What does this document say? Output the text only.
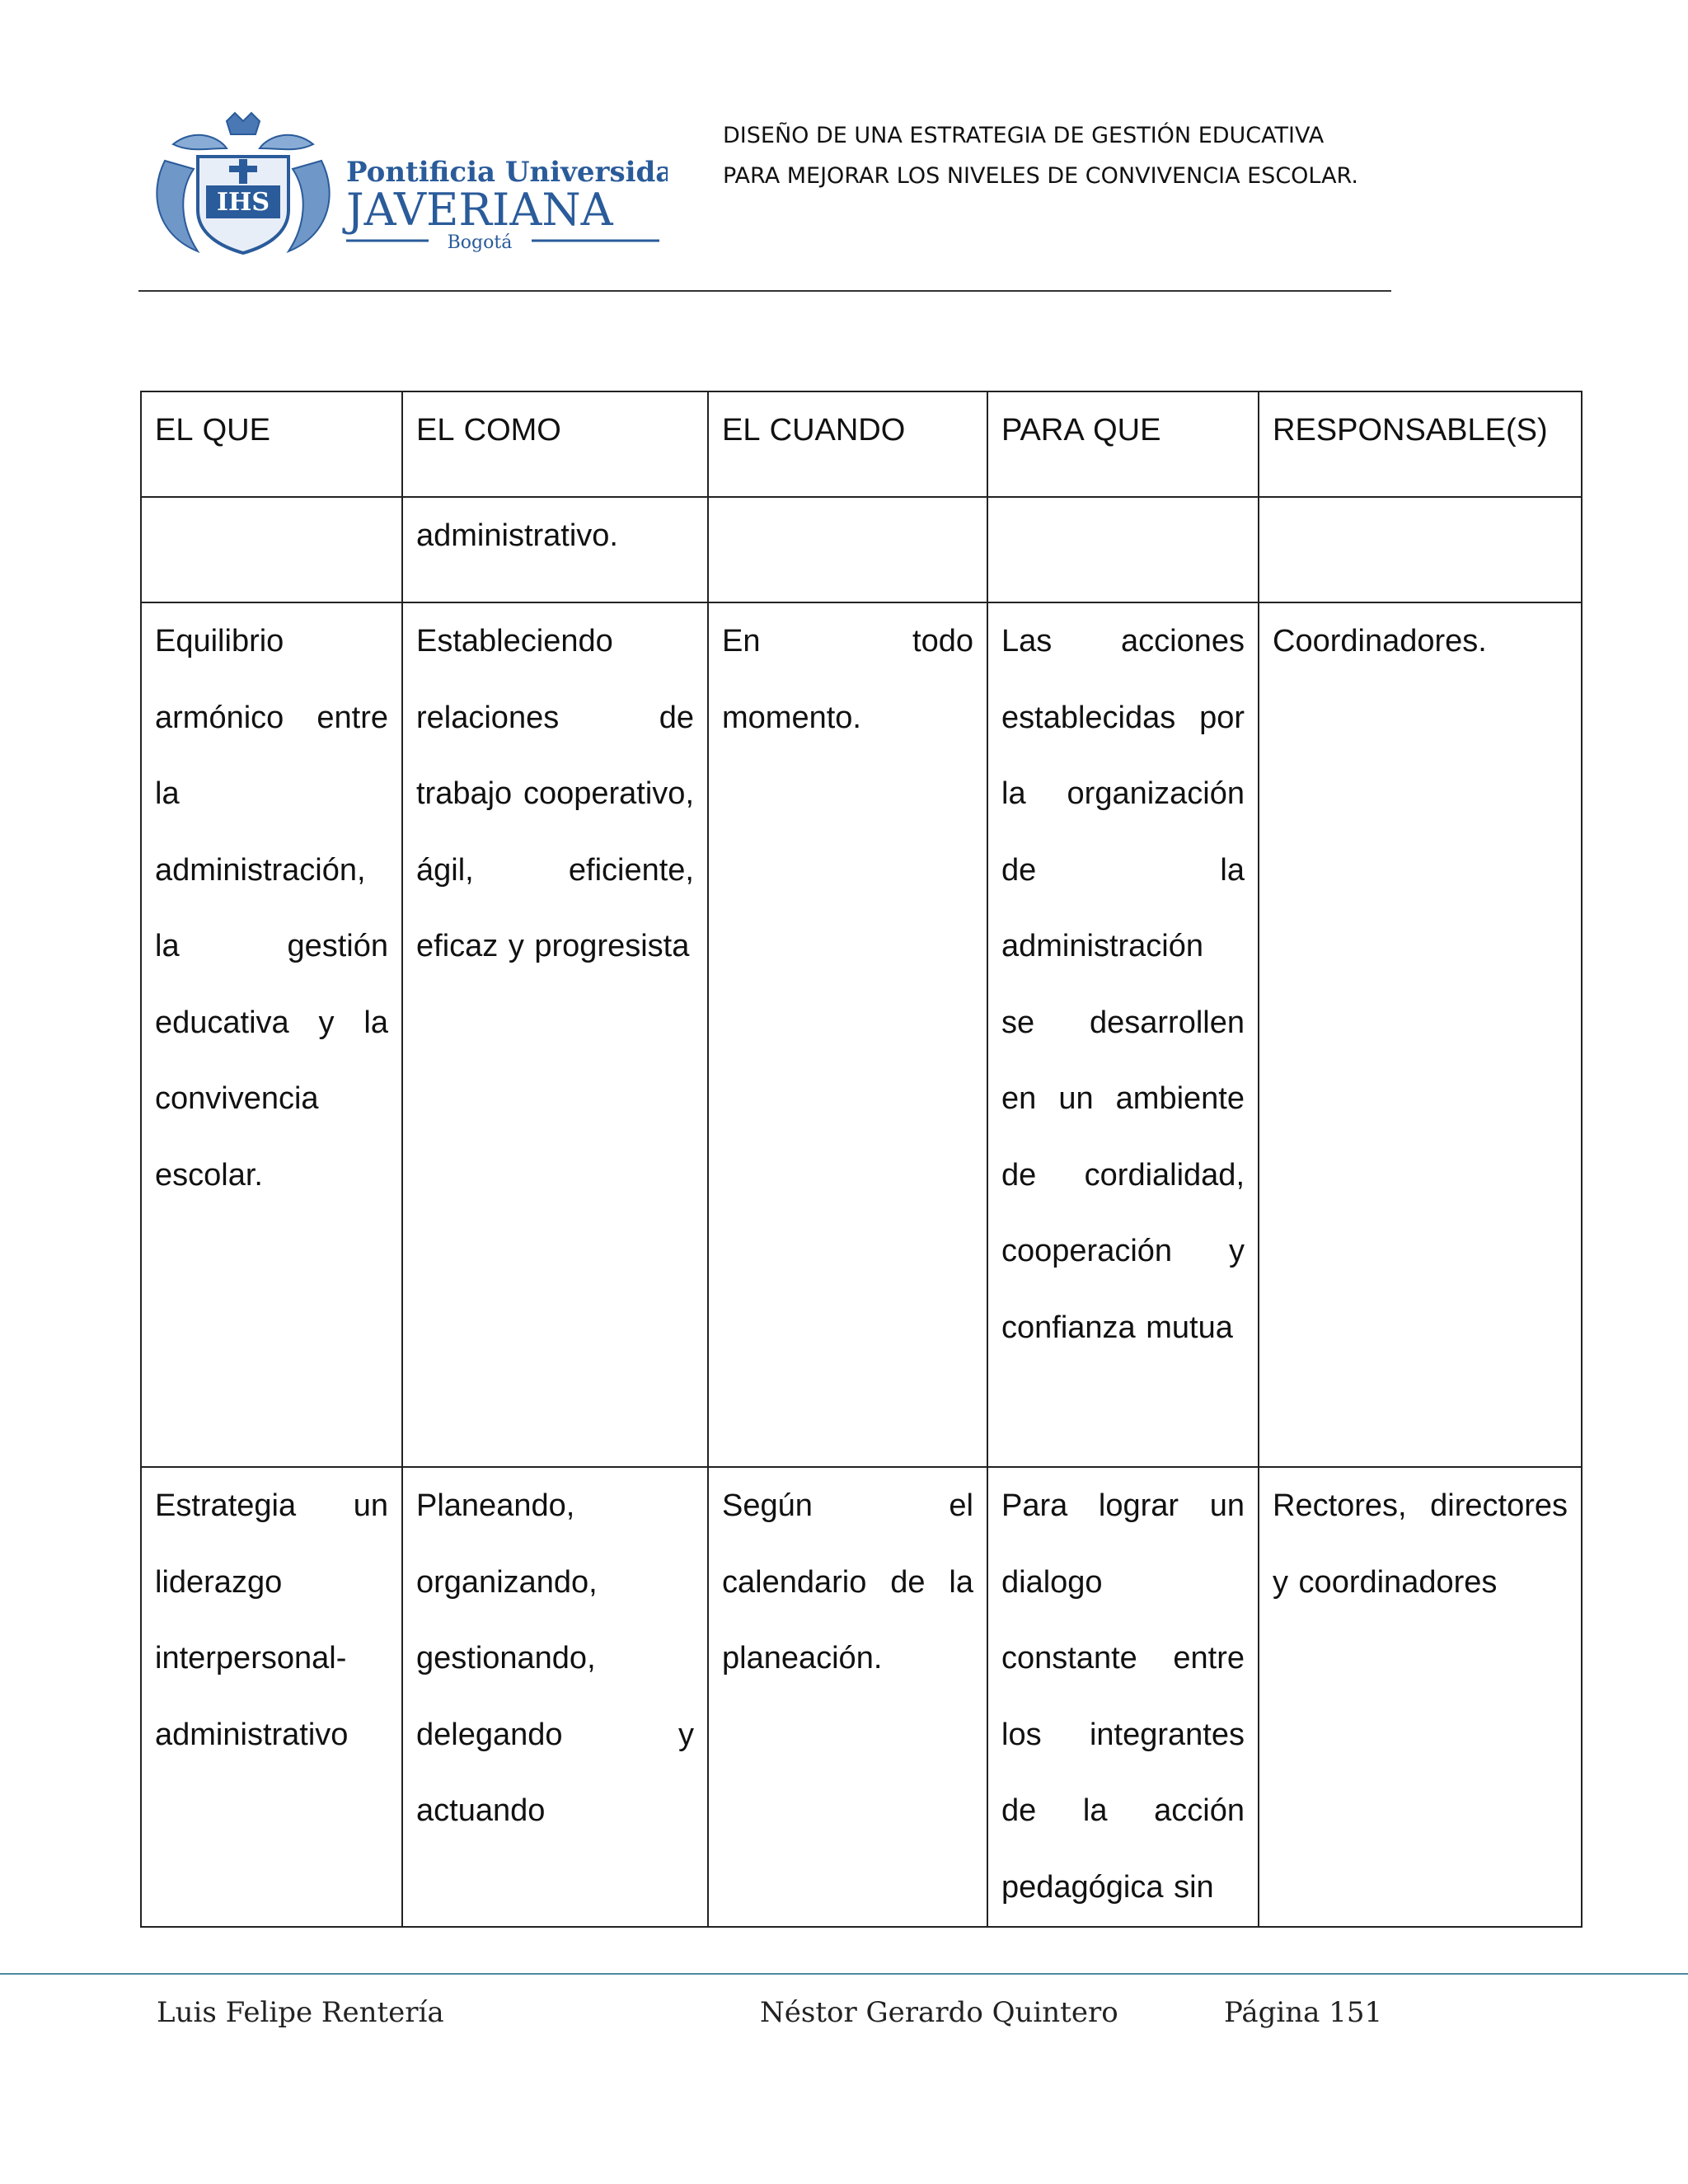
IHS
Pontificia Universidad
JAVERIANA
Bogotá
DISEÑO DE UNA ESTRATEGIA DE GESTIÓN EDUCATIVA
PARA MEJORAR LOS NIVELES DE CONVIVENCIA ESCOLAR.
EL QUE	EL COMO	EL CUANDO	PARA QUE	RESPONSABLE(S)
	administrativo.			
Equilibrio armónico entre la administración, la gestión educativa y la convivencia escolar.	Estableciendo relaciones de trabajo cooperativo, ágil, eficiente, eficaz y progresista	En todo momento.	Las acciones establecidas por la organización de la administración se desarrollen en un ambiente de cordialidad, cooperación y confianza mutua	Coordinadores.
Estrategia un liderazgo interpersonal-administrativo	Planeando, organizando, gestionando, delegando y actuando	Según el calendario de la planeación.	Para lograr un dialogo constante entre los integrantes de la acción pedagógica sin	Rectores, directores y coordinadores
Luis Felipe Rentería	Néstor Gerardo Quintero	Página 151
